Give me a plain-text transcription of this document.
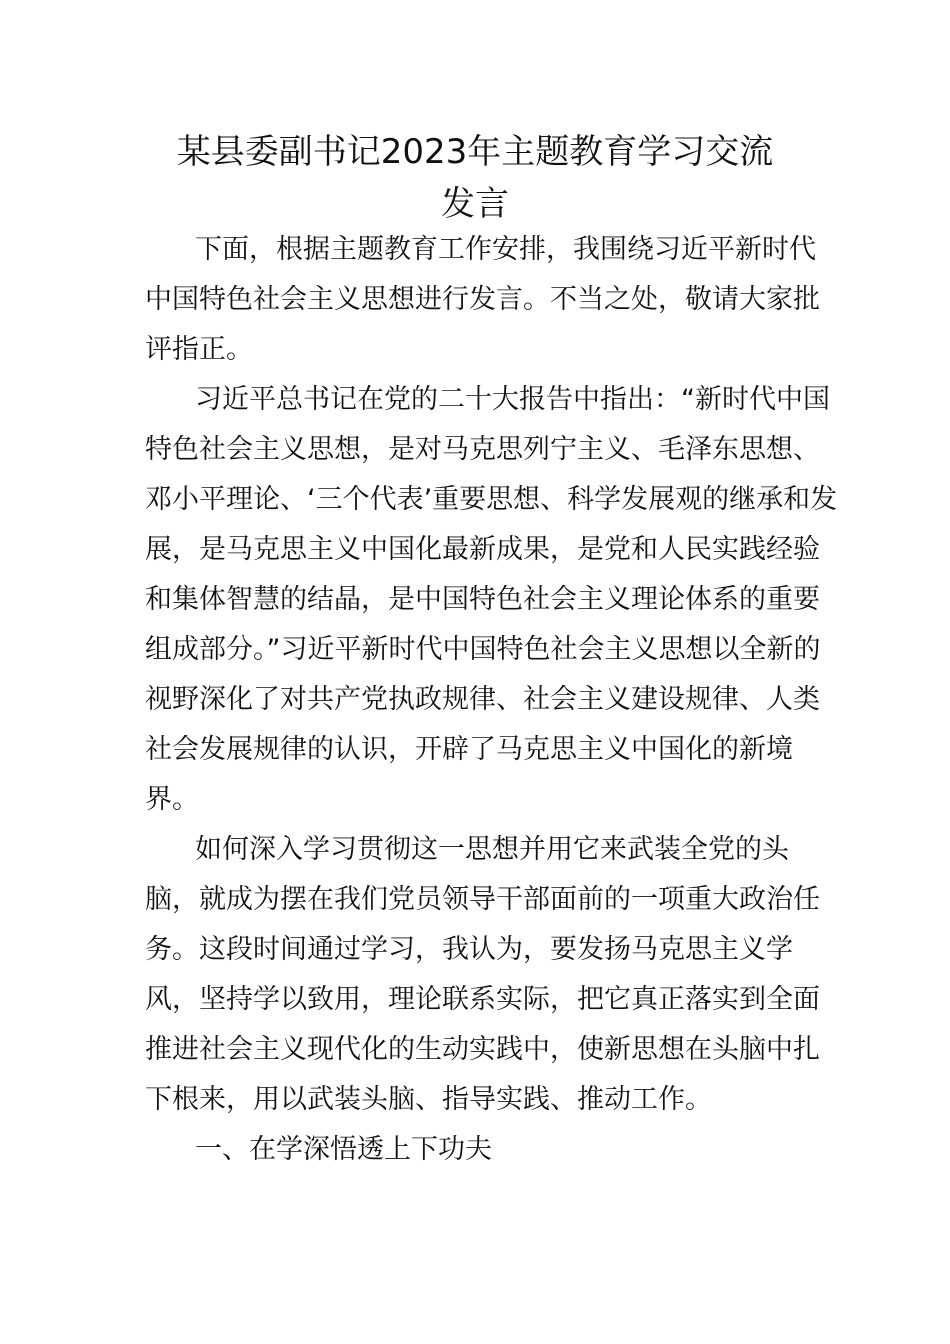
某县委副书记2023年主题教育学习交流
发言

下面，根据主题教育工作安排，我围绕习近平新时代

中国特色社会主义思想进行发言。不当之处，敬请大家批

评指正。

习近平总书记在党的二十大报告中指出：“新时代中国

特色社会主义思想，是对马克思列宁主义、毛泽东思想、

邓小平理论、‘三个代表’重要思想、科学发展观的继承和发

展，是马克思主义中国化最新成果，是党和人民实践经验

和集体智慧的结晶，是中国特色社会主义理论体系的重要

组成部分。”习近平新时代中国特色社会主义思想以全新的

视野深化了对共产党执政规律、社会主义建设规律、人类

社会发展规律的认识，开辟了马克思主义中国化的新境

界。

如何深入学习贯彻这一思想并用它来武装全党的头

脑，就成为摆在我们党员领导干部面前的一项重大政治任

务。这段时间通过学习，我认为，要发扬马克思主义学

风，坚持学以致用，理论联系实际，把它真正落实到全面

推进社会主义现代化的生动实践中，使新思想在头脑中扎

下根来，用以武装头脑、指导实践、推动工作。

一、在学深悟透上下功夫
